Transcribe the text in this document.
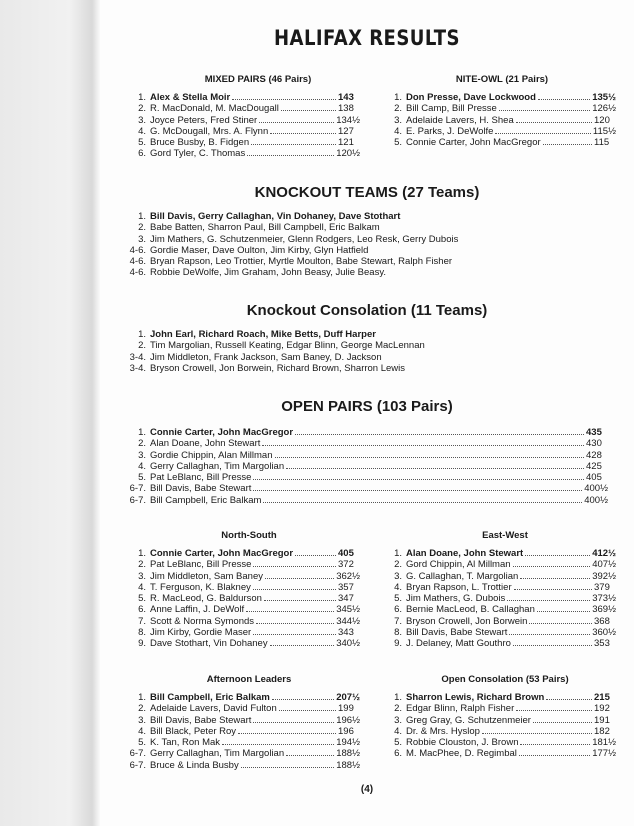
HALIFAX RESULTS
MIXED PAIRS (46 Pairs)
1. Alex & Stella Moir	143
2. R. MacDonald, M. MacDougall	138
3. Joyce Peters, Fred Stiner	134½
4. G. McDougall, Mrs. A. Flynn	127
5. Bruce Busby, B. Fidgen	121
6. Gord Tyler, C. Thomas	120½
NITE-OWL (21 Pairs)
1. Don Presse, Dave Lockwood	135½
2. Bill Camp, Bill Presse	126½
3. Adelaide Lavers, H. Shea	120
4. E. Parks, J. DeWolfe	115½
5. Connie Carter, John MacGregor	115
KNOCKOUT TEAMS (27 Teams)
1. Bill Davis, Gerry Callaghan, Vin Dohaney, Dave Stothart
2. Babe Batten, Sharron Paul, Bill Campbell, Eric Balkam
3. Jim Mathers, G. Schutzenmeier, Glenn Rodgers, Leo Resk, Gerry Dubois
4-6. Gordie Maser, Dave Oulton, Jim Kirby, Glyn Hatfield
4-6. Bryan Rapson, Leo Trottier, Myrtle Moulton, Babe Stewart, Ralph Fisher
4-6. Robbie DeWolfe, Jim Graham, John Beasy, Julie Beasy.
Knockout Consolation (11 Teams)
1. John Earl, Richard Roach, Mike Betts, Duff Harper
2. Tim Margolian, Russell Keating, Edgar Blinn, George MacLennan
3-4. Jim Middleton, Frank Jackson, Sam Baney, D. Jackson
3-4. Bryson Crowell, Jon Borwein, Richard Brown, Sharron Lewis
OPEN PAIRS (103 Pairs)
1. Connie Carter, John MacGregor	435
2. Alan Doane, John Stewart	430
3. Gordie Chippin, Alan Millman	428
4. Gerry Callaghan, Tim Margolian	425
5. Pat LeBlanc, Bill Presse	405
6-7. Bill Davis, Babe Stewart	400½
6-7. Bill Campbell, Eric Balkam	400½
North-South
1. Connie Carter, John MacGregor	405
2. Pat LeBlanc, Bill Presse	372
3. Jim Middleton, Sam Baney	362½
4. T. Ferguson, K. Blakney	357
5. R. MacLeod, G. Baldurson	347
6. Anne Laffin, J. DeWolf	345½
7. Scott & Norma Symonds	344½
8. Jim Kirby, Gordie Maser	343
9. Dave Stothart, Vin Dohaney	340½
East-West
1. Alan Doane, John Stewart	412½
2. Gord Chippin, Al Millman	407½
3. G. Callaghan, T. Margolian	392½
4. Bryan Rapson, L. Trottier	379
5. Jim Mathers, G. Dubois	373½
6. Bernie MacLeod, B. Callaghan	369½
7. Bryson Crowell, Jon Borwein	368
8. Bill Davis, Babe Stewart	360½
9. J. Delaney, Matt Gouthro	353
Afternoon Leaders
1. Bill Campbell, Eric Balkam	207½
2. Adelaide Lavers, David Fulton	199
3. Bill Davis, Babe Stewart	196½
4. Bill Black, Peter Roy	196
5. K. Tan, Ron Mak	194½
6-7. Gerry Callaghan, Tim Margolian	188½
6-7. Bruce & Linda Busby	188½
Open Consolation (53 Pairs)
1. Sharron Lewis, Richard Brown	215
2. Edgar Blinn, Ralph Fisher	192
3. Greg Gray, G. Schutzenmeier	191
4. Dr. & Mrs. Hyslop	182
5. Robbie Clouston, J. Brown	181½
6. M. MacPhee, D. Regimbal	177½
(4)
